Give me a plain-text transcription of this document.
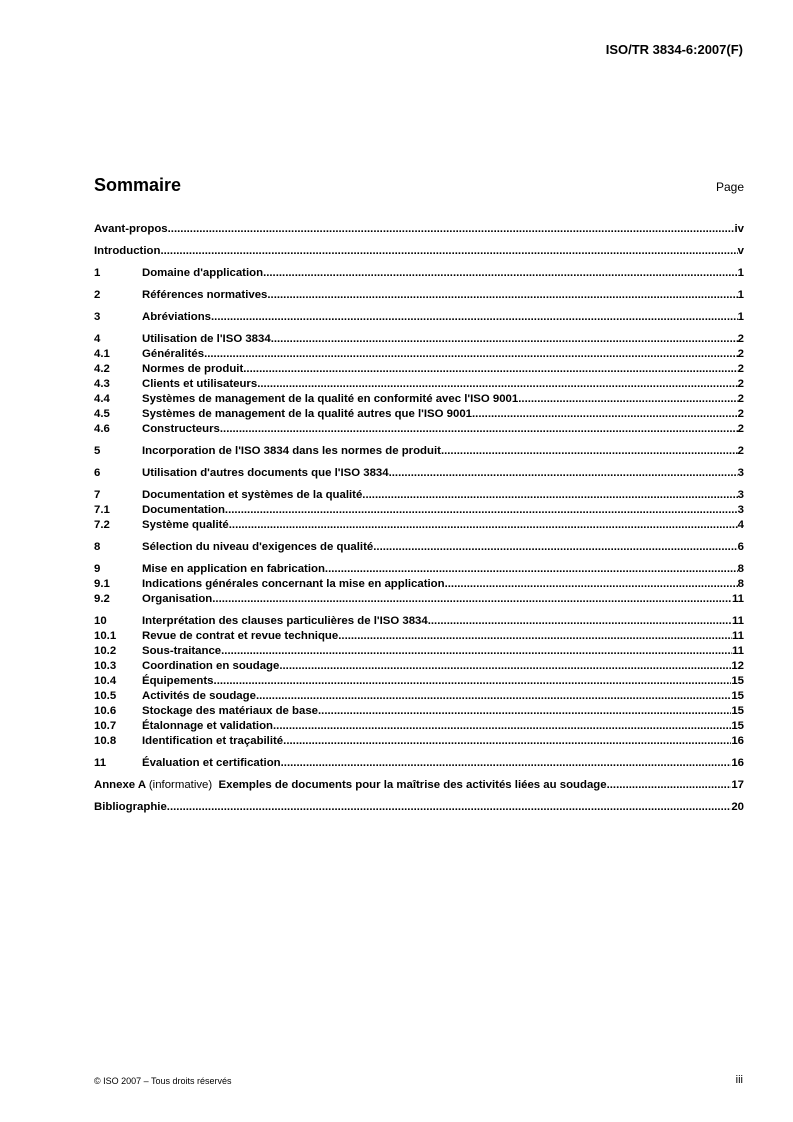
ISO/TR 3834-6:2007(F)
Sommaire	Page
Avant-propos .....	iv
Introduction .....	v
1	Domaine d'application .....	1
2	Références normatives .....	1
3	Abréviations .....	1
4	Utilisation de l'ISO 3834 .....	2
4.1	Généralités .....	2
4.2	Normes de produit .....	2
4.3	Clients et utilisateurs .....	2
4.4	Systèmes de management de la qualité en conformité avec l'ISO 9001 .....	2
4.5	Systèmes de management de la qualité autres que l'ISO 9001 .....	2
4.6	Constructeurs .....	2
5	Incorporation de l'ISO 3834 dans les normes de produit .....	2
6	Utilisation d'autres documents que l'ISO 3834 .....	3
7	Documentation et systèmes de la qualité .....	3
7.1	Documentation .....	3
7.2	Système qualité .....	4
8	Sélection du niveau d'exigences de qualité .....	6
9	Mise en application en fabrication .....	8
9.1	Indications générales concernant la mise en application .....	8
9.2	Organisation .....	11
10	Interprétation des clauses particulières de l'ISO 3834 .....	11
10.1	Revue de contrat et revue technique .....	11
10.2	Sous-traitance .....	11
10.3	Coordination en soudage .....	12
10.4	Équipements .....	15
10.5	Activités de soudage .....	15
10.6	Stockage des matériaux de base .....	15
10.7	Étalonnage et validation .....	15
10.8	Identification et traçabilité .....	16
11	Évaluation et certification .....	16
Annexe A (informative) Exemples de documents pour la maîtrise des activités liées au soudage .....	17
Bibliographie .....	20
© ISO 2007 – Tous droits réservés	iii
